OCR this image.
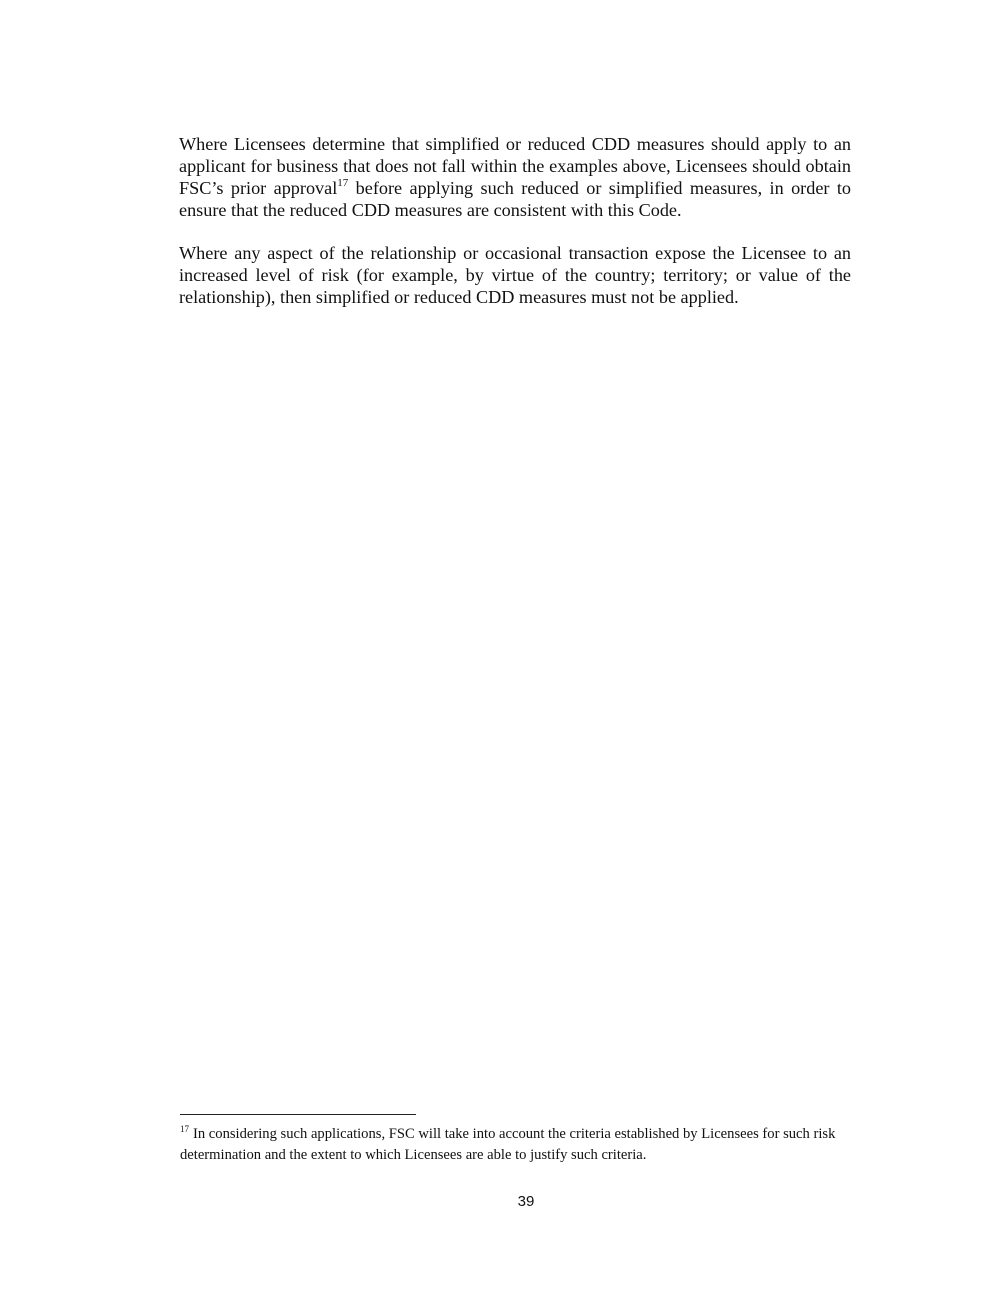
Where Licensees determine that simplified or reduced CDD measures should apply to an applicant for business that does not fall within the examples above, Licensees should obtain FSC’s prior approval$^{17}$ before applying such reduced or simplified measures, in order to ensure that the reduced CDD measures are consistent with this Code.

Where any aspect of the relationship or occasional transaction expose the Licensee to an increased level of risk (for example, by virtue of the country; territory; or value of the relationship), then simplified or reduced CDD measures must not be applied.

$^{17}$ In considering such applications, FSC will take into account the criteria established by Licensees for such risk determination and the extent to which Licensees are able to justify such criteria.

39
